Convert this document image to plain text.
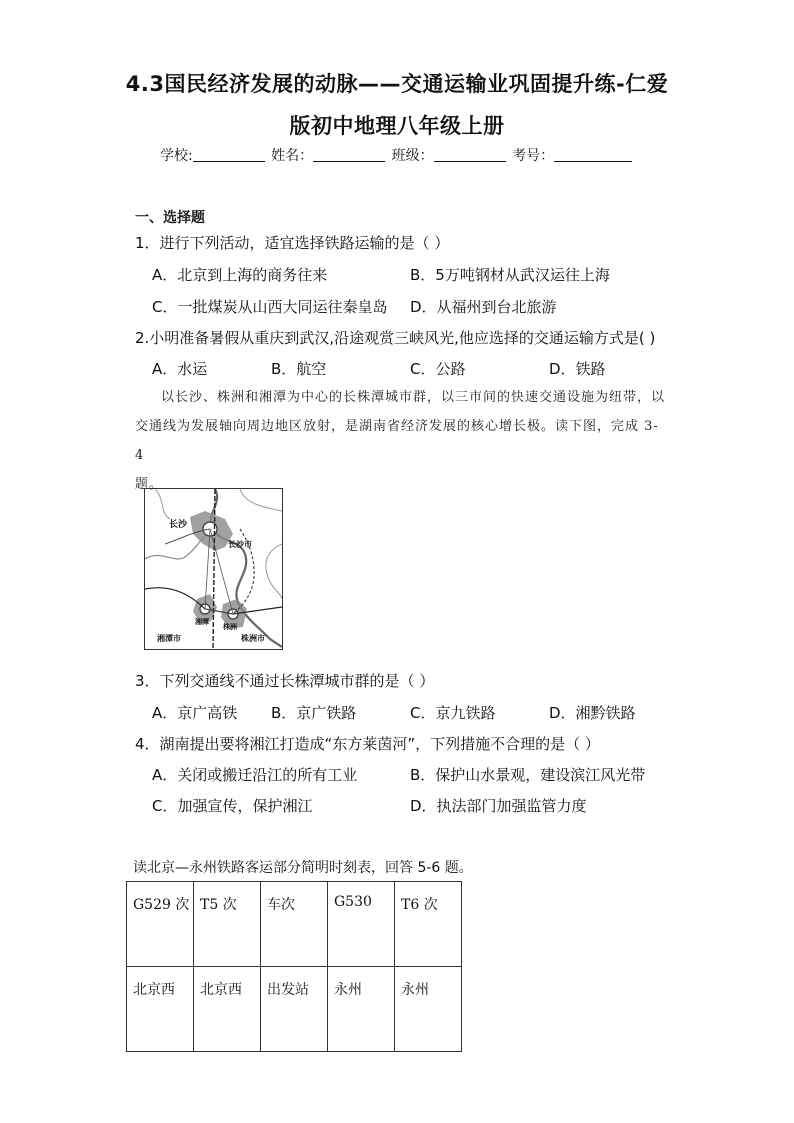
4.3国民经济发展的动脉——交通运输业巩固提升练-仁爱
版初中地理八年级上册
学校:	姓名：	班级：	考号：
一、选择题
1．进行下列活动，适宜选择铁路运输的是（ ）
A．北京到上海的商务往来	B．5万吨钢材从武汉运往上海
C．一批煤炭从山西大同运往秦皇岛 D．从福州到台北旅游
2.小明准备暑假从重庆到武汉,沿途观赏三峡风光,他应选择的交通运输方式是( )
A．水运	B．航空	C．公路	D．铁路
以长沙、株洲和湘潭为中心的长株潭城市群，以三市间的快速交通设施为纽带，以
交通线为发展轴向周边地区放射，是湖南省经济发展的核心增长极。读下图，完成 3-4
题。
长沙
长沙市
湘潭
株洲
湘潭市	株洲市
3．下列交通线不通过长株潭城市群的是（ ）
A．京广高铁 B．京广铁路	C．京九铁路	D．湘黔铁路
4．湖南提出要将湘江打造成“东方莱茵河”，下列措施不合理的是（ ）
A．关闭或搬迁沿江的所有工业	B．保护山水景观，建设滨江风光带
C．加强宣传，保护湘江	D．执法部门加强监管力度
读北京—永州铁路客运部分简明时刻表，回答 5-6 题。
G529 次	T5 次	车次	G530	T6 次
北京西	北京西	出发站	永州	永州
